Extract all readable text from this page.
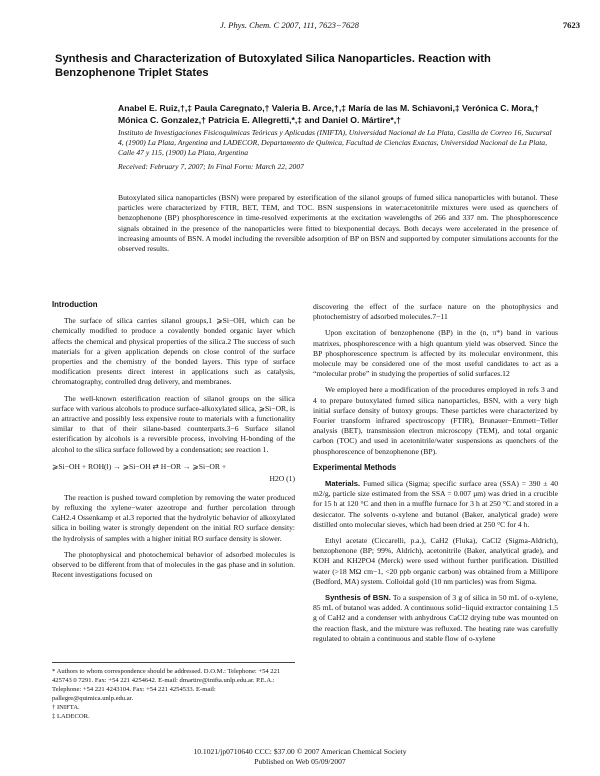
J. Phys. Chem. C 2007, 111, 7623−7628	7623
Synthesis and Characterization of Butoxylated Silica Nanoparticles. Reaction with Benzophenone Triplet States
Anabel E. Ruiz,†,‡ Paula Caregnato,† Valeria B. Arce,†,‡ María de las M. Schiavoni,‡ Verónica C. Mora,† Mónica C. Gonzalez,† Patricia E. Allegretti,*,‡ and Daniel O. Mártire*,†
Instituto de Investigaciones Fisicoquímicas Teóricas y Aplicadas (INIFTA), Universidad Nacional de La Plata, Casilla de Correo 16, Sucursal 4, (1900) La Plata, Argentina and LADECOR, Departamento de Química, Facultad de Ciencias Exactas, Universidad Nacional de La Plata, Calle 47 y 115, (1900) La Plata, Argentina
Received: February 7, 2007; In Final Form: March 22, 2007
Butoxylated silica nanoparticles (BSN) were prepared by esterification of the silanol groups of fumed silica nanoparticles with butanol. These particles were characterized by FTIR, BET, TEM, and TOC. BSN suspensions in water:acetonitrile mixtures were used as quenchers of benzophenone (BP) phosphorescence in time-resolved experiments at the excitation wavelengths of 266 and 337 nm. The phosphorescence signals obtained in the presence of the nanoparticles were fitted to biexponential decays. Both decays were accelerated in the presence of increasing amounts of BSN. A model including the reversible adsorption of BP on BSN and supported by computer simulations accounts for the observed results.

Introduction

The surface of silica carries silanol groups,1 ⩾Si−OH, which can be chemically modified to produce a covalently bonded organic layer which affects the chemical and physical properties of the silica.2 The success of such materials for a given application depends on close control of the surface properties and the chemistry of the bonded layers. This type of surface modification presents direct interest in applications such as catalysis, chromatography, controlled drug delivery, and membranes.

The well-known esterification reaction of silanol groups on the silica surface with various alcohols to produce surface-alkoxylated silica, ⩾Si−OR, is an attractive and possibly less expensive route to materials with a functionality similar to that of their silane-based counterparts.3−6 Surface silanol esterification by alcohols is a reversible process, involving H-bonding of the alcohol to the silica surface followed by a condensation; see reaction 1.

⩾Si−OH + ROH(l) → ⩾Si−OH ⇄ H−OR → ⩾Si−OR +
H2O (1)

The reaction is pushed toward completion by removing the water produced by refluxing the xylene−water azeotrope and further percolation through CaH2.4 Ossenkamp et al.3 reported that the hydrolytic behavior of alkoxylated silica in boiling water is strongly dependent on the initial RO surface density: the hydrolysis of samples with a higher initial RO surface density is slower.

The photophysical and photochemical behavior of adsorbed molecules is observed to be different from that of molecules in the gas phase and in solution. Recent investigations focused on

* Authors to whom correspondence should be addressed. D.O.M.: Telephone: +54 221 425743 0 7291. Fax: +54 221 4254642. E-mail: dmartire@inifta.unlp.edu.ar. P.E.A.: Telephone: +54 221 4243104. Fax: +54 221 4254533. E-mail: pallegre@quimica.unlp.edu.ar.
† INIFTA.
‡ LADECOR.

discovering the effect of the surface nature on the photophysics and photochemistry of adsorbed molecules.7−11

Upon excitation of benzophenone (BP) in the (n, π*) band in various matrixes, phosphorescence with a high quantum yield was observed. Since the BP phosphorescence spectrum is affected by its molecular environment, this molecule may be considered one of the most useful candidates to act as a “molecular probe” in studying the properties of solid surfaces.12

We employed here a modification of the procedures employed in refs 3 and 4 to prepare butoxylated fumed silica nanoparticles, BSN, with a very high initial surface density of butoxy groups. These particles were characterized by Fourier transform infrared spectroscopy (FTIR), Brunauer−Emmett−Teller analysis (BET), transmission electron microscopy (TEM), and total organic carbon (TOC) and used in acetonitrile/water suspensions as quenchers of the phosphorescence of benzophenone (BP).

Experimental Methods

Materials. Fumed silica (Sigma; specific surface area (SSA) = 390 ± 40 m2/g, particle size estimated from the SSA = 0.007 μm) was dried in a crucible for 15 h at 120 °C and then in a muffle furnace for 3 h at 250 °C and stored in a desiccator. The solvents o-xylene and butanol (Baker, analytical grade) were distilled onto molecular sieves, which had been dried at 250 °C for 4 h.

Ethyl acetate (Ciccarelli, p.a.), CaH2 (Fluka), CaCl2 (Sigma-Aldrich), benzophenone (BP; 99%, Aldrich), acetonitrile (Baker, analytical grade), and KOH and KH2PO4 (Merck) were used without further purification. Distilled water (>18 MΩ cm−1, <20 ppb organic carbon) was obtained from a Millipore (Bedford, MA) system. Colloidal gold (10 nm particles) was from Sigma.

Synthesis of BSN. To a suspension of 3 g of silica in 50 mL of o-xylene, 85 mL of butanol was added. A continuous solid−liquid extractor containing 1.5 g of CaH2 and a condenser with anhydrous CaCl2 drying tube was mounted on the reaction flask, and the mixture was refluxed. The heating rate was carefully regulated to obtain a continuous and stable flow of o-xylene

10.1021/jp0710640 CCC: $37.00 © 2007 American Chemical Society
Published on Web 05/09/2007
